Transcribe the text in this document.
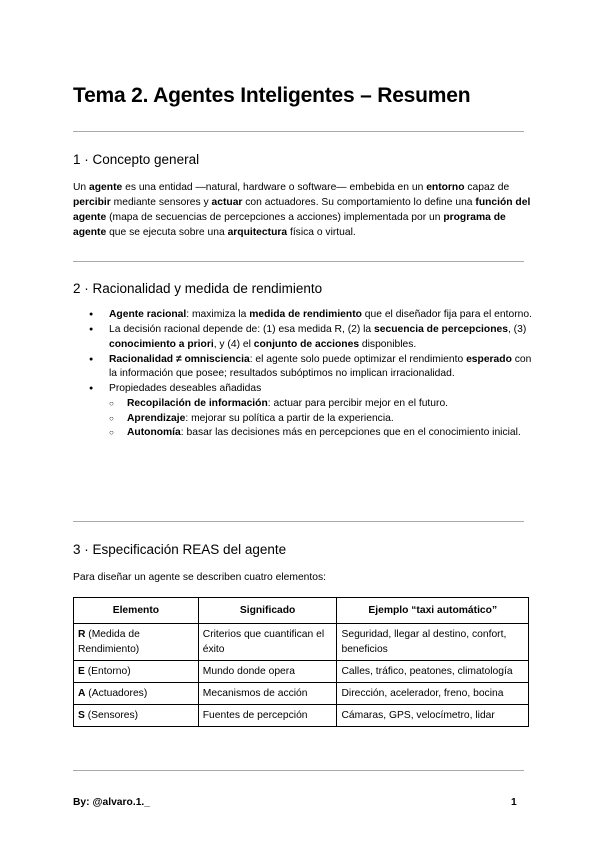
Tema 2. Agentes Inteligentes – Resumen
1 · Concepto general

Un agente es una entidad —natural, hardware o software— embebida en un entorno capaz de percibir mediante sensores y actuar con actuadores. Su comportamiento lo define una función del agente (mapa de secuencias de percepciones a acciones) implementada por un programa de agente que se ejecuta sobre una arquitectura física o virtual.

2 · Racionalidad y medida de rendimiento
● Agente racional: maximiza la medida de rendimiento que el diseñador fija para el entorno.
● La decisión racional depende de: (1) esa medida R, (2) la secuencia de percepciones, (3) conocimiento a priori, y (4) el conjunto de acciones disponibles.
● Racionalidad ≠ omnisciencia: el agente solo puede optimizar el rendimiento esperado con la información que posee; resultados subóptimos no implican irracionalidad.
● Propiedades deseables añadidas
○ Recopilación de información: actuar para percibir mejor en el futuro.
○ Aprendizaje: mejorar su política a partir de la experiencia.
○ Autonomía: basar las decisiones más en percepciones que en el conocimiento inicial.
3 · Especificación REAS del agente

Para diseñar un agente se describen cuatro elementos:

Elemento	Significado	Ejemplo “taxi automático”
R (Medida de Rendimiento)	Criterios que cuantifican el éxito	Seguridad, llegar al destino, confort, beneficios
E (Entorno)	Mundo donde opera	Calles, tráfico, peatones, climatología
A (Actuadores)	Mecanismos de acción	Dirección, acelerador, freno, bocina
S (Sensores)	Fuentes de percepción	Cámaras, GPS, velocímetro, lidar
By: @alvaro.1._	1
